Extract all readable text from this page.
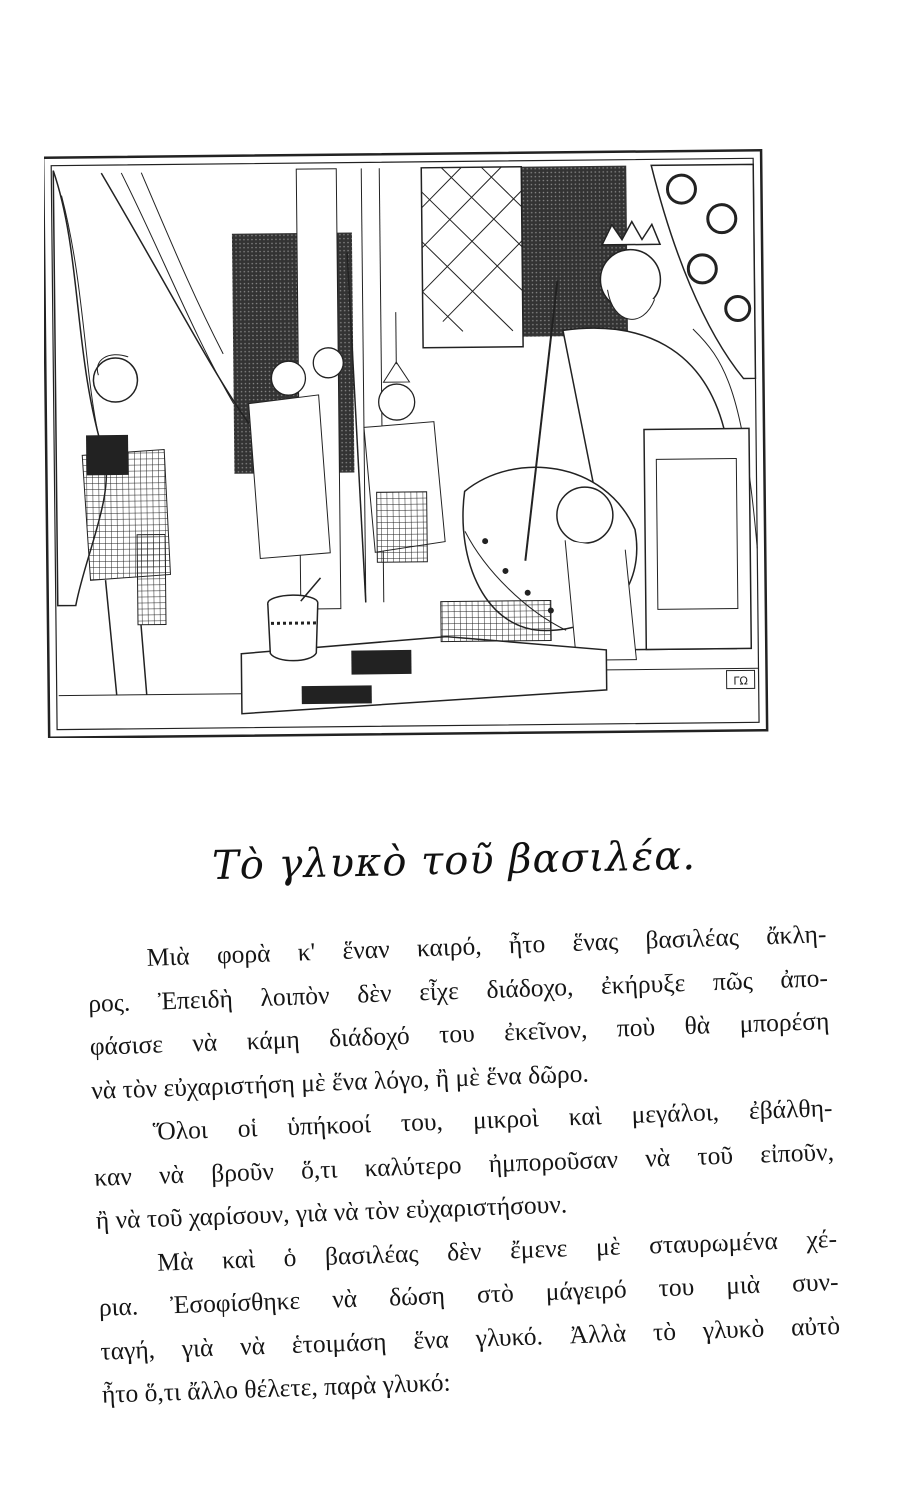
ΓΩ
Τὸ γλυκὸ τοῦ βασιλέα.
Μιὰ φορὰ κ' ἕναν καιρό, ἦτο ἕνας βασιλέας ἄκλη-
ρος. Ἐπειδὴ λοιπὸν δὲν εἶχε διάδοχο, ἐκήρυξε πῶς ἀπο-
φάσισε νὰ κάμη διάδοχό του ἐκεῖνον, ποὺ θὰ μπορέση
νὰ τὸν εὐχαριστήση μὲ ἕνα λόγο, ἢ μὲ ἕνα δῶρο.
Ὅλοι οἱ ὑπήκοοί του, μικροὶ καὶ μεγάλοι, ἐβάλθη-
καν νὰ βροῦν ὅ,τι καλύτερο ἠμποροῦσαν νὰ τοῦ εἰποῦν,
ἢ νὰ τοῦ χαρίσουν, γιὰ νὰ τὸν εὐχαριστήσουν.
Μὰ καὶ ὁ βασιλέας δὲν ἔμενε μὲ σταυρωμένα χέ-
ρια. Ἐσοφίσθηκε νὰ δώση στὸ μάγειρό του μιὰ συν-
ταγή, γιὰ νὰ ἑτοιμάση ἕνα γλυκό. Ἀλλὰ τὸ γλυκὸ αὐτὸ
ἦτο ὅ,τι ἄλλο θέλετε, παρὰ γλυκό:
